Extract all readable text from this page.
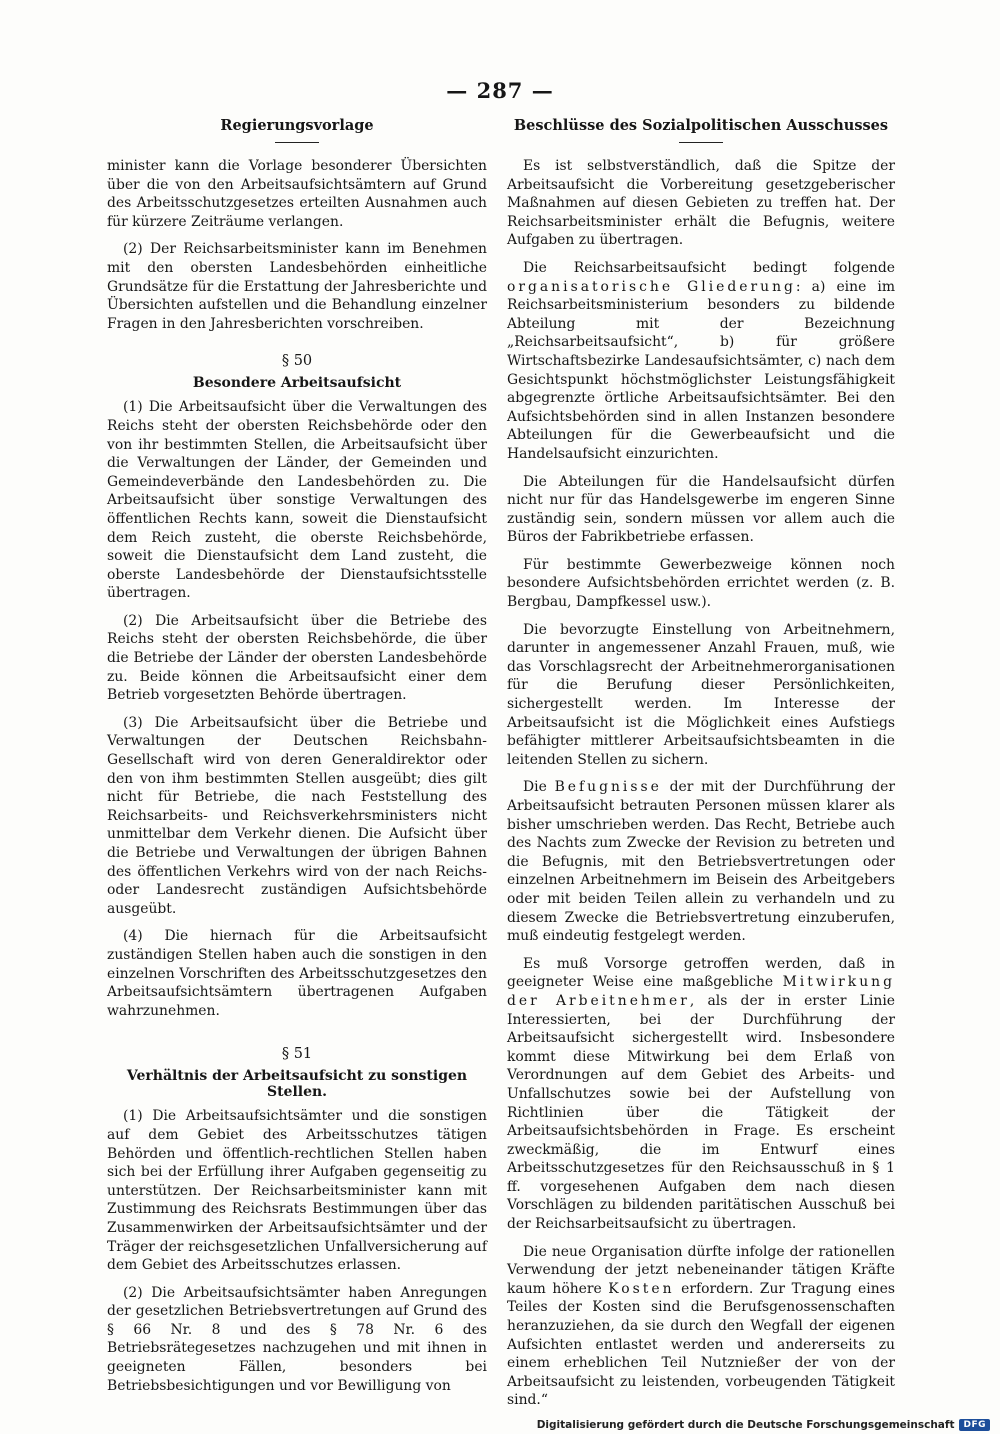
— 287 —
Regierungsvorlage

minister kann die Vorlage besonderer Übersichten über die von den Arbeitsaufsichtsämtern auf Grund des Arbeitsschutzgesetzes erteilten Ausnahmen auch für kürzere Zeiträume verlangen.

(2) Der Reichsarbeitsminister kann im Benehmen mit den obersten Landesbehörden einheitliche Grundsätze für die Erstattung der Jahresberichte und Übersichten aufstellen und die Behandlung einzelner Fragen in den Jahresberichten vorschreiben.

§ 50
Besondere Arbeitsaufsicht

(1) Die Arbeitsaufsicht über die Verwaltungen des Reichs steht der obersten Reichsbehörde oder den von ihr bestimmten Stellen, die Arbeitsaufsicht über die Verwaltungen der Länder, der Gemeinden und Gemeindeverbände den Landesbehörden zu. Die Arbeitsaufsicht über sonstige Verwaltungen des öffentlichen Rechts kann, soweit die Dienstaufsicht dem Reich zusteht, die oberste Reichsbehörde, soweit die Dienstaufsicht dem Land zusteht, die oberste Landesbehörde der Dienstaufsichtsstelle übertragen.

(2) Die Arbeitsaufsicht über die Betriebe des Reichs steht der obersten Reichsbehörde, die über die Betriebe der Länder der obersten Landesbehörde zu. Beide können die Arbeitsaufsicht einer dem Betrieb vorgesetzten Behörde übertragen.

(3) Die Arbeitsaufsicht über die Betriebe und Verwaltungen der Deutschen Reichsbahn-Gesellschaft wird von deren Generaldirektor oder den von ihm bestimmten Stellen ausgeübt; dies gilt nicht für Betriebe, die nach Feststellung des Reichsarbeits- und Reichsverkehrsministers nicht unmittelbar dem Verkehr dienen. Die Aufsicht über die Betriebe und Verwaltungen der übrigen Bahnen des öffentlichen Verkehrs wird von der nach Reichs- oder Landesrecht zuständigen Aufsichtsbehörde ausgeübt.

(4) Die hiernach für die Arbeitsaufsicht zuständigen Stellen haben auch die sonstigen in den einzelnen Vorschriften des Arbeitsschutzgesetzes den Arbeitsaufsichtsämtern übertragenen Aufgaben wahrzunehmen.

§ 51
Verhältnis der Arbeitsaufsicht zu sonstigen Stellen.

(1) Die Arbeitsaufsichtsämter und die sonstigen auf dem Gebiet des Arbeitsschutzes tätigen Behörden und öffentlich-rechtlichen Stellen haben sich bei der Erfüllung ihrer Aufgaben gegenseitig zu unterstützen. Der Reichsarbeitsminister kann mit Zustimmung des Reichsrats Bestimmungen über das Zusammenwirken der Arbeitsaufsichtsämter und der Träger der reichsgesetzlichen Unfallversicherung auf dem Gebiet des Arbeitsschutzes erlassen.

(2) Die Arbeitsaufsichtsämter haben Anregungen der gesetzlichen Betriebsvertretungen auf Grund des § 66 Nr. 8 und des § 78 Nr. 6 des Betriebsrätegesetzes nachzugehen und mit ihnen in geeigneten Fällen, besonders bei Betriebsbesichtigungen und vor Bewilligung von

Beschlüsse des Sozialpolitischen Ausschusses

Es ist selbstverständlich, daß die Spitze der Arbeitsaufsicht die Vorbereitung gesetzgeberischer Maßnahmen auf diesen Gebieten zu treffen hat. Der Reichsarbeitsminister erhält die Befugnis, weitere Aufgaben zu übertragen.

Die Reichsarbeitsaufsicht bedingt folgende organisatorische Gliederung: a) eine im Reichsarbeitsministerium besonders zu bildende Abteilung mit der Bezeichnung „Reichsarbeitsaufsicht“, b) für größere Wirtschaftsbezirke Landesaufsichtsämter, c) nach dem Gesichtspunkt höchstmöglichster Leistungsfähigkeit abgegrenzte örtliche Arbeitsaufsichtsämter. Bei den Aufsichtsbehörden sind in allen Instanzen besondere Abteilungen für die Gewerbeaufsicht und die Handelsaufsicht einzurichten.

Die Abteilungen für die Handelsaufsicht dürfen nicht nur für das Handelsgewerbe im engeren Sinne zuständig sein, sondern müssen vor allem auch die Büros der Fabrikbetriebe erfassen.

Für bestimmte Gewerbezweige können noch besondere Aufsichtsbehörden errichtet werden (z. B. Bergbau, Dampfkessel usw.).

Die bevorzugte Einstellung von Arbeitnehmern, darunter in angemessener Anzahl Frauen, muß, wie das Vorschlagsrecht der Arbeitnehmerorganisationen für die Berufung dieser Persönlichkeiten, sichergestellt werden. Im Interesse der Arbeitsaufsicht ist die Möglichkeit eines Aufstiegs befähigter mittlerer Arbeitsaufsichtsbeamten in die leitenden Stellen zu sichern.

Die Befugnisse der mit der Durchführung der Arbeitsaufsicht betrauten Personen müssen klarer als bisher umschrieben werden. Das Recht, Betriebe auch des Nachts zum Zwecke der Revision zu betreten und die Befugnis, mit den Betriebsvertretungen oder einzelnen Arbeitnehmern im Beisein des Arbeitgebers oder mit beiden Teilen allein zu verhandeln und zu diesem Zwecke die Betriebsvertretung einzuberufen, muß eindeutig festgelegt werden.

Es muß Vorsorge getroffen werden, daß in geeigneter Weise eine maßgebliche Mitwirkung der Arbeitnehmer, als der in erster Linie Interessierten, bei der Durchführung der Arbeitsaufsicht sichergestellt wird. Insbesondere kommt diese Mitwirkung bei dem Erlaß von Verordnungen auf dem Gebiet des Arbeits- und Unfallschutzes sowie bei der Aufstellung von Richtlinien über die Tätigkeit der Arbeitsaufsichtsbehörden in Frage. Es erscheint zweckmäßig, die im Entwurf eines Arbeitsschutzgesetzes für den Reichsausschuß in § 1 ff. vorgesehenen Aufgaben dem nach diesen Vorschlägen zu bildenden paritätischen Ausschuß bei der Reichsarbeitsaufsicht zu übertragen.

Die neue Organisation dürfte infolge der rationellen Verwendung der jetzt nebeneinander tätigen Kräfte kaum höhere Kosten erfordern. Zur Tragung eines Teiles der Kosten sind die Berufsgenossenschaften heranzuziehen, da sie durch den Wegfall der eigenen Aufsichten entlastet werden und andererseits zu einem erheblichen Teil Nutznießer der von der Arbeitsaufsicht zu leistenden, vorbeugenden Tätigkeit sind.“

Digitalisierung gefördert durch die Deutsche Forschungsgemeinschaft	DFG
